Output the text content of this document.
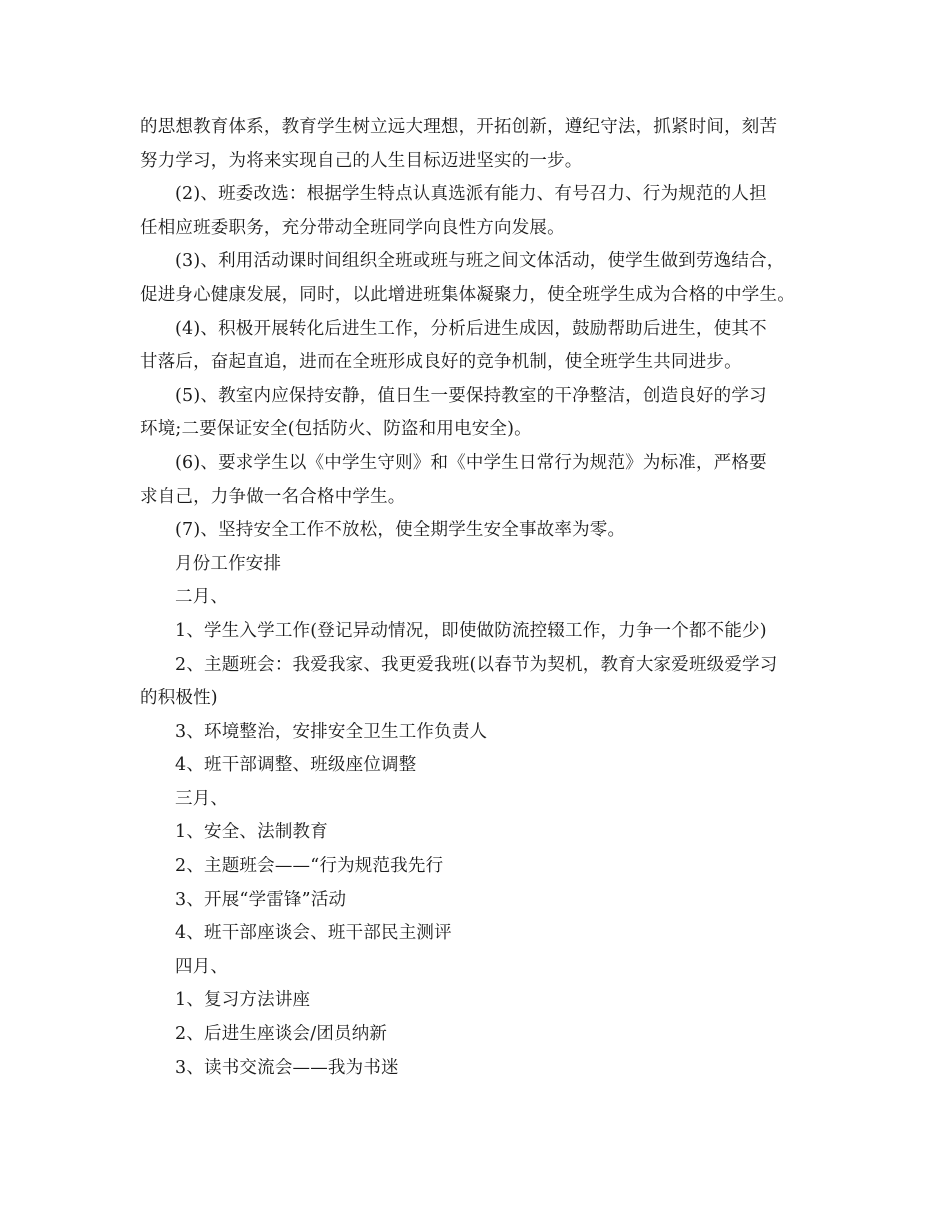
的思想教育体系，教育学生树立远大理想，开拓创新，遵纪守法，抓紧时间，刻苦
努力学习，为将来实现自己的人生目标迈进坚实的一步。

(2)、班委改选：根据学生特点认真选派有能力、有号召力、行为规范的人担
任相应班委职务，充分带动全班同学向良性方向发展。

(3)、利用活动课时间组织全班或班与班之间文体活动，使学生做到劳逸结合，
促进身心健康发展，同时，以此增进班集体凝聚力，使全班学生成为合格的中学生。

(4)、积极开展转化后进生工作，分析后进生成因，鼓励帮助后进生，使其不
甘落后，奋起直追，进而在全班形成良好的竞争机制，使全班学生共同进步。

(5)、教室内应保持安静，值日生一要保持教室的干净整洁，创造良好的学习
环境;二要保证安全(包括防火、防盗和用电安全)。

(6)、要求学生以《中学生守则》和《中学生日常行为规范》为标准，严格要
求自己，力争做一名合格中学生。

(7)、坚持安全工作不放松，使全期学生安全事故率为零。

月份工作安排

二月、

1、学生入学工作(登记异动情况，即使做防流控辍工作，力争一个都不能少)

2、主题班会：我爱我家、我更爱我班(以春节为契机，教育大家爱班级爱学习
的积极性)

3、环境整治，安排安全卫生工作负责人

4、班干部调整、班级座位调整

三月、

1、安全、法制教育

2、主题班会——“行为规范我先行

3、开展“学雷锋”活动

4、班干部座谈会、班干部民主测评

四月、

1、复习方法讲座

2、后进生座谈会/团员纳新

3、读书交流会——我为书迷
